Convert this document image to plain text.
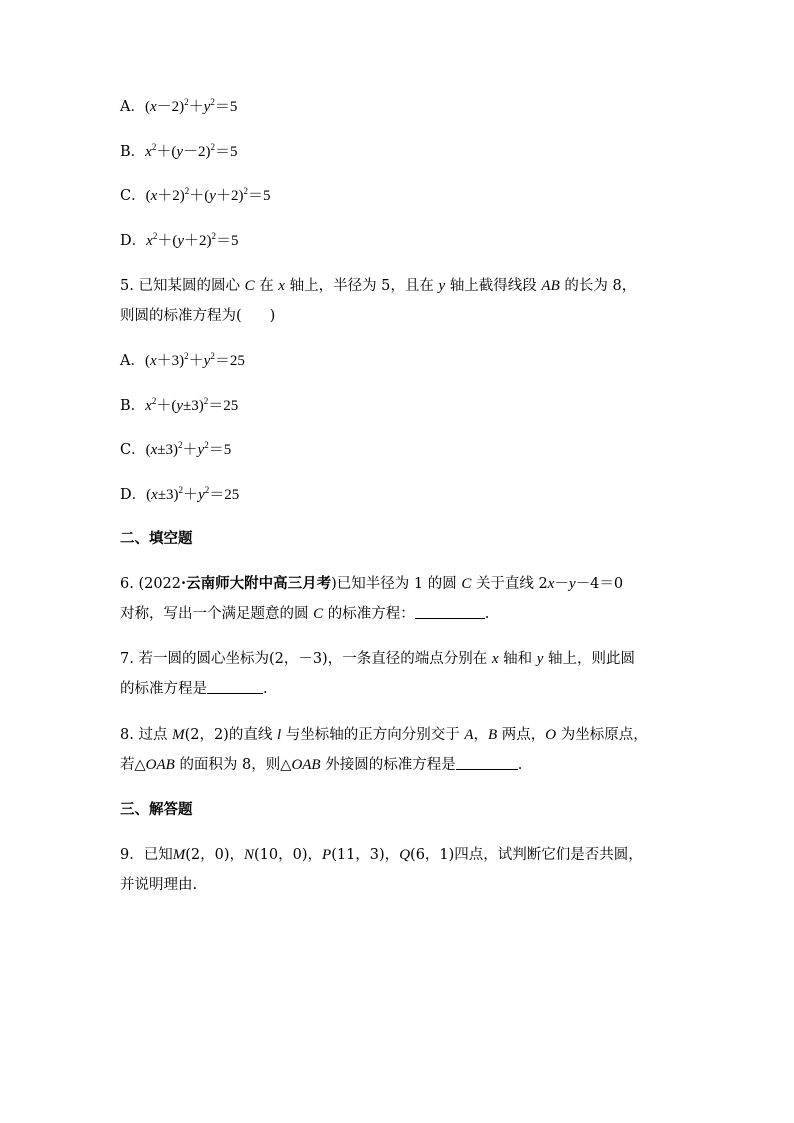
A．$(x-2)^2+y^2=5$
B．$x^2+(y-2)^2=5$
C．$(x+2)^2+(y+2)^2=5$
D．$x^2+(y+2)^2=5$
5. 已知某圆的圆心 C 在 x 轴上，半径为 5，且在 y 轴上截得线段 AB 的长为 8，
则圆的标准方程为( )
A．$(x+3)^2+y^2=25$
B．$x^2+(y\pm 3)^2=25$
C．$(x\pm 3)^2+y^2=5$
D．$(x\pm 3)^2+y^2=25$
二、填空题
6. (2022·云南师大附中高三月考)已知半径为 1 的圆 C 关于直线 2x－y－4＝0
对称，写出一个满足题意的圆 C 的标准方程：	.
7. 若一圆的圆心坐标为(2，－3)，一条直径的端点分别在 x 轴和 y 轴上，则此圆
的标准方程是	.
8. 过点 M(2，2)的直线 l 与坐标轴的正方向分别交于 A，B 两点，O 为坐标原点，
若△OAB 的面积为 8，则△OAB 外接圆的标准方程是	.
三、解答题
9．已知M(2，0)，N(10，0)，P(11，3)，Q(6，1)四点，试判断它们是否共圆，
并说明理由.
